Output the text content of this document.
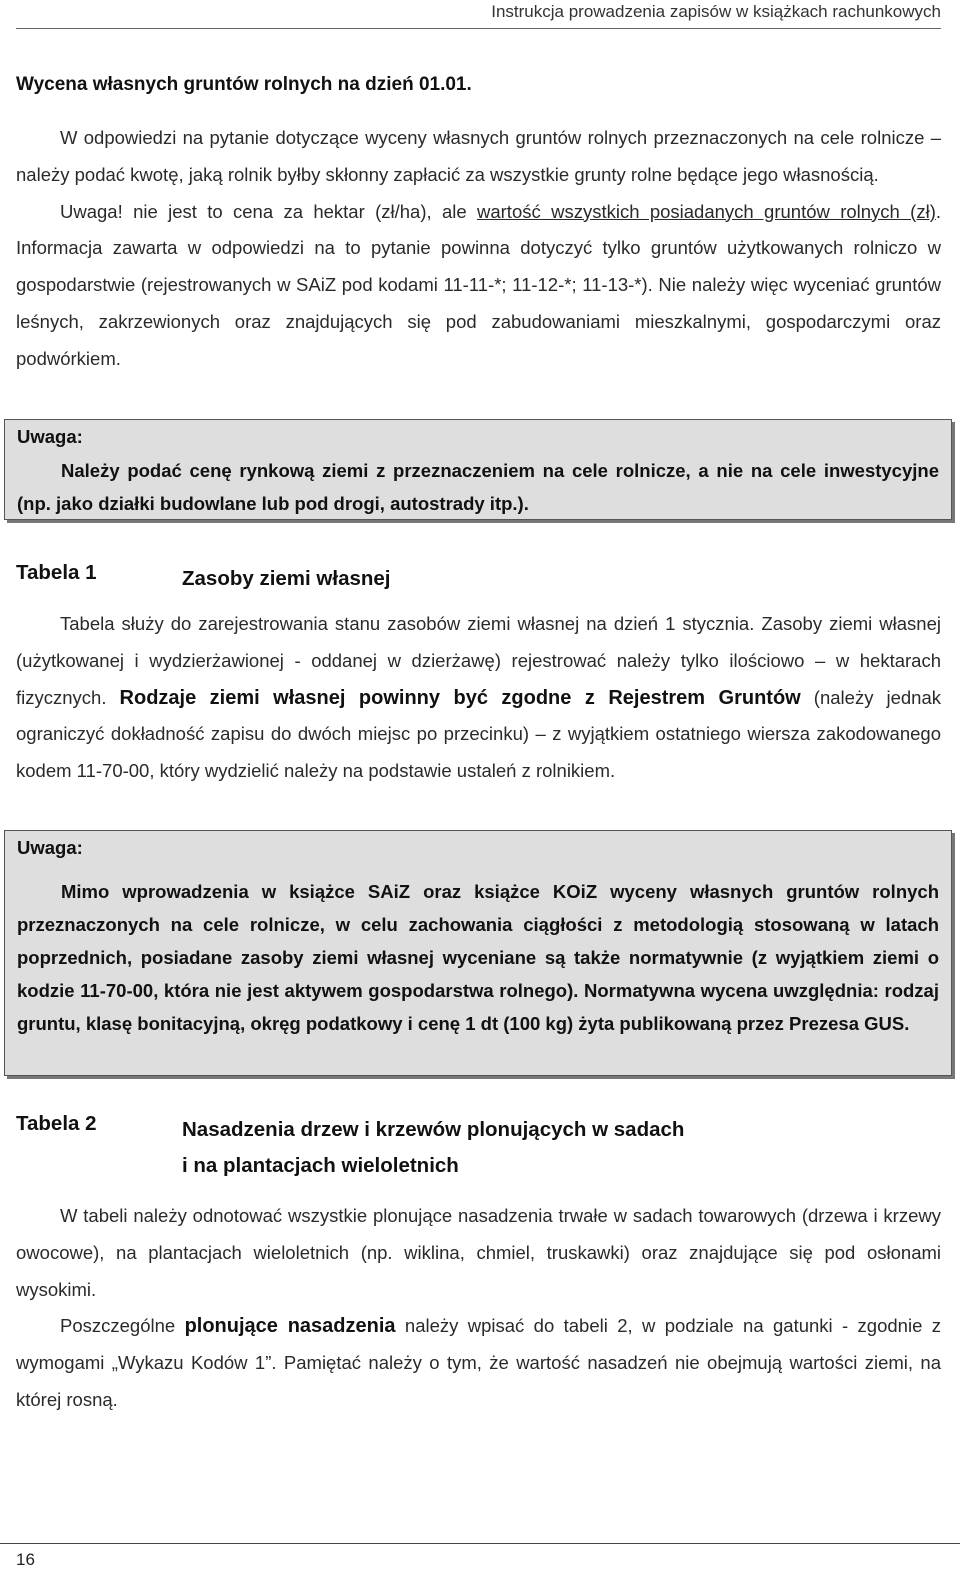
Instrukcja prowadzenia zapisów w książkach rachunkowych
Wycena własnych gruntów rolnych na dzień 01.01.

W odpowiedzi na pytanie dotyczące wyceny własnych gruntów rolnych przeznaczonych na cele rolnicze – należy podać kwotę, jaką rolnik byłby skłonny zapłacić za wszystkie grunty rolne będące jego własnością.

Uwaga! nie jest to cena za hektar (zł/ha), ale wartość wszystkich posiadanych gruntów rolnych (zł). Informacja zawarta w odpowiedzi na to pytanie powinna dotyczyć tylko gruntów użytkowanych rolniczo w gospodarstwie (rejestrowanych w SAiZ pod kodami 11-11-*; 11-12-*; 11-13-*). Nie należy więc wyceniać gruntów leśnych, zakrzewionych oraz znajdujących się pod zabudowaniami mieszkalnymi, gospodarczymi oraz podwórkiem.

Uwaga:

Należy podać cenę rynkową ziemi z przeznaczeniem na cele rolnicze, a nie na cele inwestycyjne (np. jako działki budowlane lub pod drogi, autostrady itp.).

Tabela 1	Zasoby ziemi własnej

Tabela służy do zarejestrowania stanu zasobów ziemi własnej na dzień 1 stycznia. Zasoby ziemi własnej (użytkowanej i wydzierżawionej - oddanej w dzierżawę) rejestrować należy tylko ilościowo – w hektarach fizycznych. Rodzaje ziemi własnej powinny być zgodne z Rejestrem Gruntów (należy jednak ograniczyć dokładność zapisu do dwóch miejsc po przecinku) – z wyjątkiem ostatniego wiersza zakodowanego kodem 11-70-00, który wydzielić należy na podstawie ustaleń z rolnikiem.

Uwaga:

Mimo wprowadzenia w książce SAiZ oraz książce KOiZ wyceny własnych gruntów rolnych przeznaczonych na cele rolnicze, w celu zachowania ciągłości z metodologią stosowaną w latach poprzednich, posiadane zasoby ziemi własnej wyceniane są także normatywnie (z wyjątkiem ziemi o kodzie 11-70-00, która nie jest aktywem gospodarstwa rolnego). Normatywna wycena uwzględnia: rodzaj gruntu, klasę bonitacyjną, okręg podatkowy i cenę 1 dt (100 kg) żyta publikowaną przez Prezesa GUS.

Tabela 2	Nasadzenia drzew i krzewów plonujących w sadach
i na plantacjach wieloletnich

W tabeli należy odnotować wszystkie plonujące nasadzenia trwałe w sadach towarowych (drzewa i krzewy owocowe), na plantacjach wieloletnich (np. wiklina, chmiel, truskawki) oraz znajdujące się pod osłonami wysokimi.

Poszczególne plonujące nasadzenia należy wpisać do tabeli 2, w podziale na gatunki - zgodnie z wymogami „Wykazu Kodów 1”. Pamiętać należy o tym, że wartość nasadzeń nie obejmują wartości ziemi, na której rosną.

16
